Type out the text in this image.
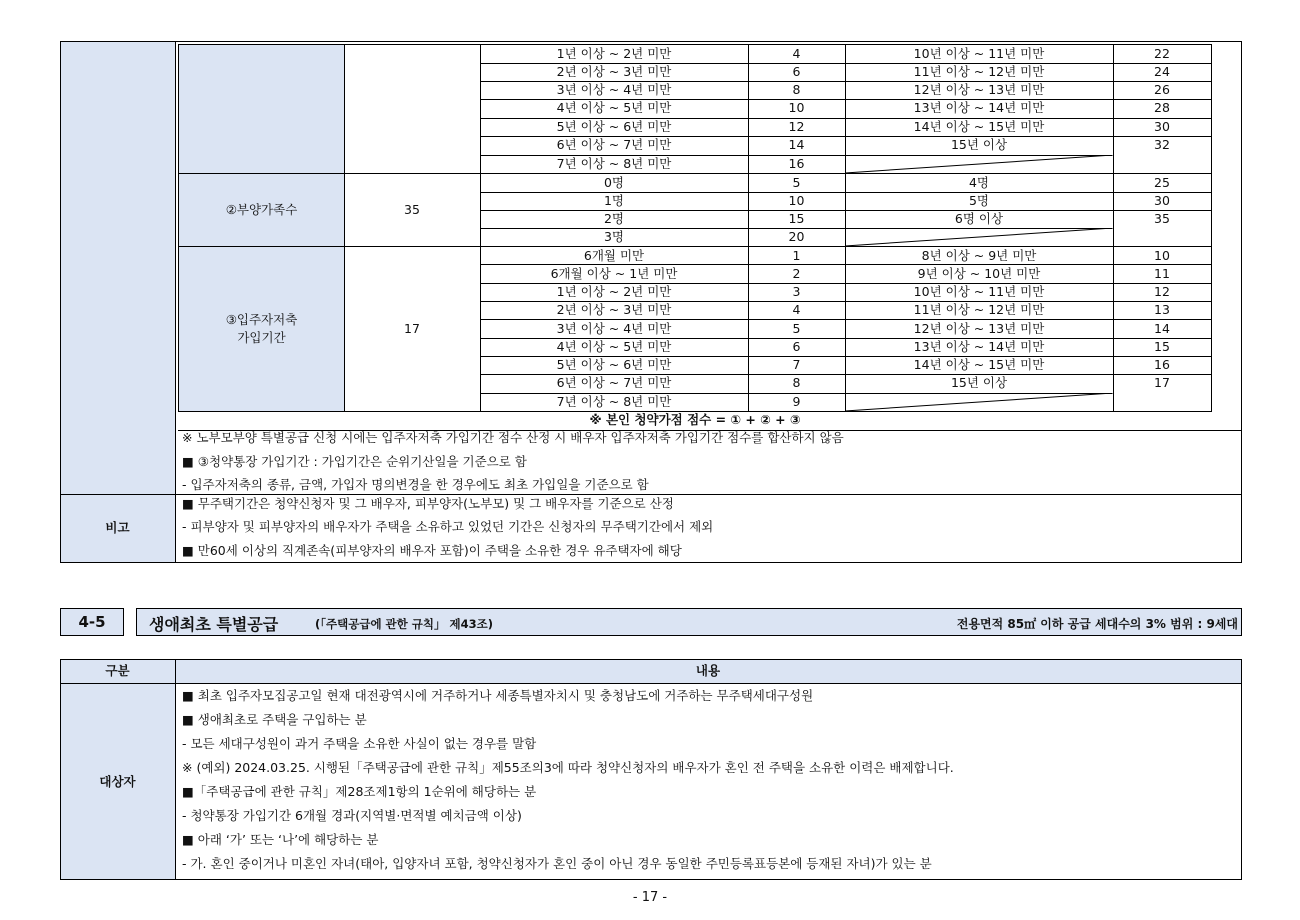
1년 이상 ~ 2년 미만	4	10년 이상 ~ 11년 미만	22
2년 이상 ~ 3년 미만	6	11년 이상 ~ 12년 미만	24
3년 이상 ~ 4년 미만	8	12년 이상 ~ 13년 미만	26
4년 이상 ~ 5년 미만	10	13년 이상 ~ 14년 미만	28
5년 이상 ~ 6년 미만	12	14년 이상 ~ 15년 미만	30
6년 이상 ~ 7년 미만	14	15년 이상	32
7년 이상 ~ 8년 미만	16
②부양가족수	35
0명	5	4명	25
1명	10	5명	30
2명	15	6명 이상	35
3명	20
③입주자저축
가입기간
17
6개월 미만	1	8년 이상 ~ 9년 미만	10
6개월 이상 ~ 1년 미만	2	9년 이상 ~ 10년 미만	11
1년 이상 ~ 2년 미만	3	10년 이상 ~ 11년 미만	12
2년 이상 ~ 3년 미만	4	11년 이상 ~ 12년 미만	13
3년 이상 ~ 4년 미만	5	12년 이상 ~ 13년 미만	14
4년 이상 ~ 5년 미만	6	13년 이상 ~ 14년 미만	15
5년 이상 ~ 6년 미만	7	14년 이상 ~ 15년 미만	16
6년 이상 ~ 7년 미만	8	15년 이상	17
7년 이상 ~ 8년 미만	9
※ 본인 청약가점 점수 = ① + ② + ③
※ 노부모부양 특별공급 신청 시에는 입주자저축 가입기간 점수 산정 시 배우자 입주자저축 가입기간 점수를 합산하지 않음
■ ③청약통장 가입기간 : 가입기간은 순위기산일을 기준으로 함
- 입주자저축의 종류, 금액, 가입자 명의변경을 한 경우에도 최초 가입일을 기준으로 함
비고
■ 무주택기간은 청약신청자 및 그 배우자, 피부양자(노부모) 및 그 배우자를 기준으로 산정
- 피부양자 및 피부양자의 배우자가 주택을 소유하고 있었던 기간은 신청자의 무주택기간에서 제외
■ 만60세 이상의 직계존속(피부양자의 배우자 포함)이 주택을 소유한 경우 유주택자에 해당
4-5	생애최초 특별공급	(「주택공급에 관한 규칙」 제43조)	전용면적 85㎡ 이하 공급 세대수의 3% 범위 : 9세대
구분	내용
대상자
■ 최초 입주자모집공고일 현재 대전광역시에 거주하거나 세종특별자치시 및 충청남도에 거주하는 무주택세대구성원
■ 생애최초로 주택을 구입하는 분
- 모든 세대구성원이 과거 주택을 소유한 사실이 없는 경우를 말함
※ (예외) 2024.03.25. 시행된「주택공급에 관한 규칙」제55조의3에 따라 청약신청자의 배우자가 혼인 전 주택을 소유한 이력은 배제합니다.
■「주택공급에 관한 규칙」제28조제1항의 1순위에 해당하는 분
- 청약통장 가입기간 6개월 경과(지역별·면적별 예치금액 이상)
■ 아래 ‘가’ 또는 ‘나’에 해당하는 분
- 가. 혼인 중이거나 미혼인 자녀(태아, 입양자녀 포함, 청약신청자가 혼인 중이 아닌 경우 동일한 주민등록표등본에 등재된 자녀)가 있는 분
- 17 -
